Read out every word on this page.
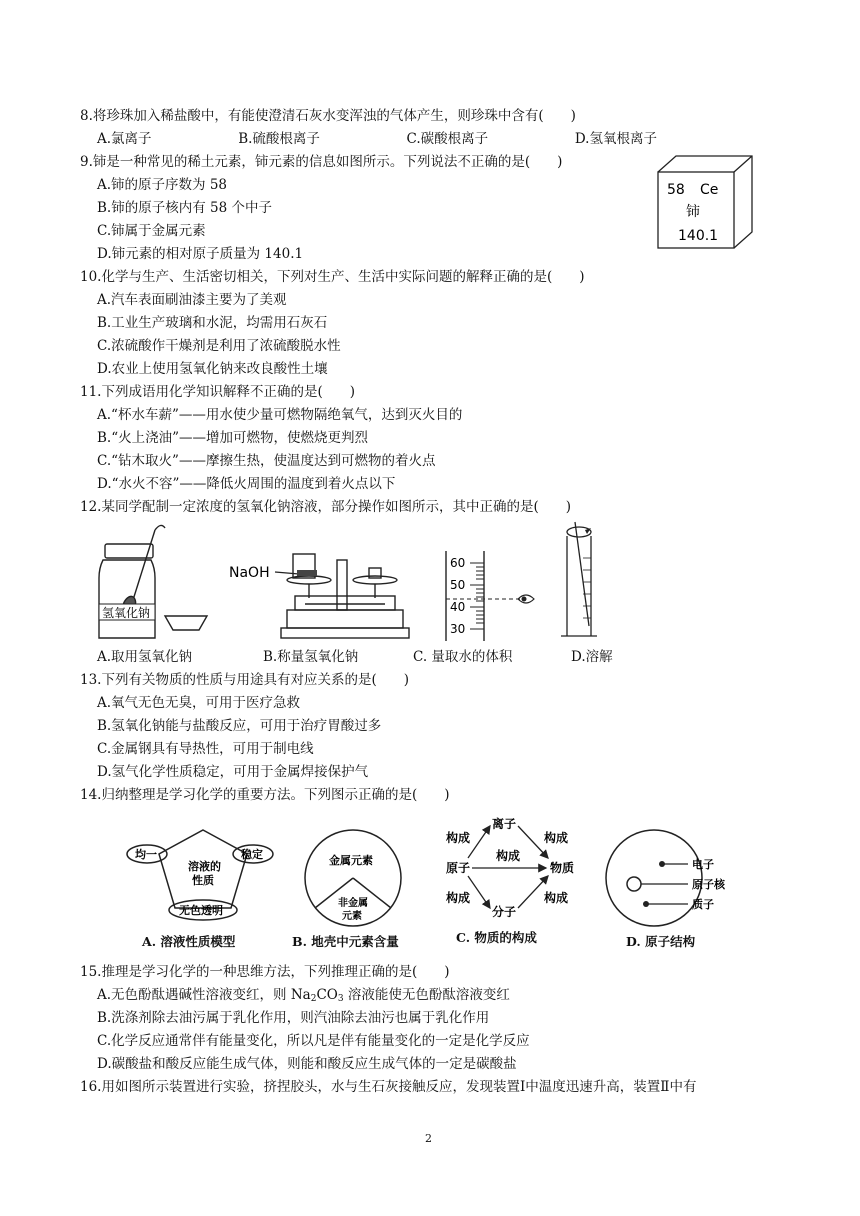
8.将珍珠加入稀盐酸中，有能使澄清石灰水变浑浊的气体产生，则珍珠中含有(　　)
A.氯离子	B.硫酸根离子	C.碳酸根离子	D.氢氧根离子
9.铈是一种常见的稀土元素，铈元素的信息如图所示。下列说法不正确的是(　　)
A.铈的原子序数为 58
B.铈的原子核内有 58 个中子
C.铈属于金属元素
D.铈元素的相对原子质量为 140.1
58 Ce
铈
140.1
10.化学与生产、生活密切相关，下列对生产、生活中实际问题的解释正确的是(　　)
A.汽车表面刷油漆主要为了美观
B.工业生产玻璃和水泥，均需用石灰石
C.浓硫酸作干燥剂是利用了浓硫酸脱水性
D.农业上使用氢氧化钠来改良酸性土壤
11.下列成语用化学知识解释不正确的是(　　)
A.“杯水车薪”——用水使少量可燃物隔绝氧气，达到灭火目的
B.“火上浇油”——增加可燃物，使燃烧更判烈
C.“钻木取火”——摩擦生热，使温度达到可燃物的着火点
D.“水火不容”——降低火周围的温度到着火点以下
12.某同学配制一定浓度的氢氧化钠溶液，部分操作如图所示，其中正确的是(　　)
氢氧化钠
A.取用氢氧化钠
NaOH
B.称量氢氧化钠
60
50
40
30
C. 量取水的体积	D.溶解
13.下列有关物质的性质与用途具有对应关系的是(　　)
A.氧气无色无臭，可用于医疗急救
B.氢氧化钠能与盐酸反应，可用于治疗胃酸过多
C.金属钢具有导热性，可用于制电线
D.氢气化学性质稳定，可用于金属焊接保护气
14.归纳整理是学习化学的重要方法。下列图示正确的是(　　)
溶液的
性质
均一	稳定
无色透明
A. 溶液性质模型
金属元素
非金属
元素
B. 地壳中元素含量
离子
原子	物质
分子
构成	构成
构成
构成	构成
C. 物质的构成
电子
原子核
质子
D. 原子结构
15.推理是学习化学的一种思维方法，下列推理正确的是(　　)
A.无色酚酞遇碱性溶液变红，则 $Na_2CO_3$ 溶液能使无色酚酞溶液变红
B.洗涤剂除去油污属于乳化作用，则汽油除去油污也属于乳化作用
C.化学反应通常伴有能量变化，所以凡是伴有能量变化的一定是化学反应
D.碳酸盐和酸反应能生成气体，则能和酸反应生成气体的一定是碳酸盐
16.用如图所示装置进行实验，挤捏胶头，水与生石灰接触反应，发现装置Ⅰ中温度迅速升高，装置Ⅱ中有
2
